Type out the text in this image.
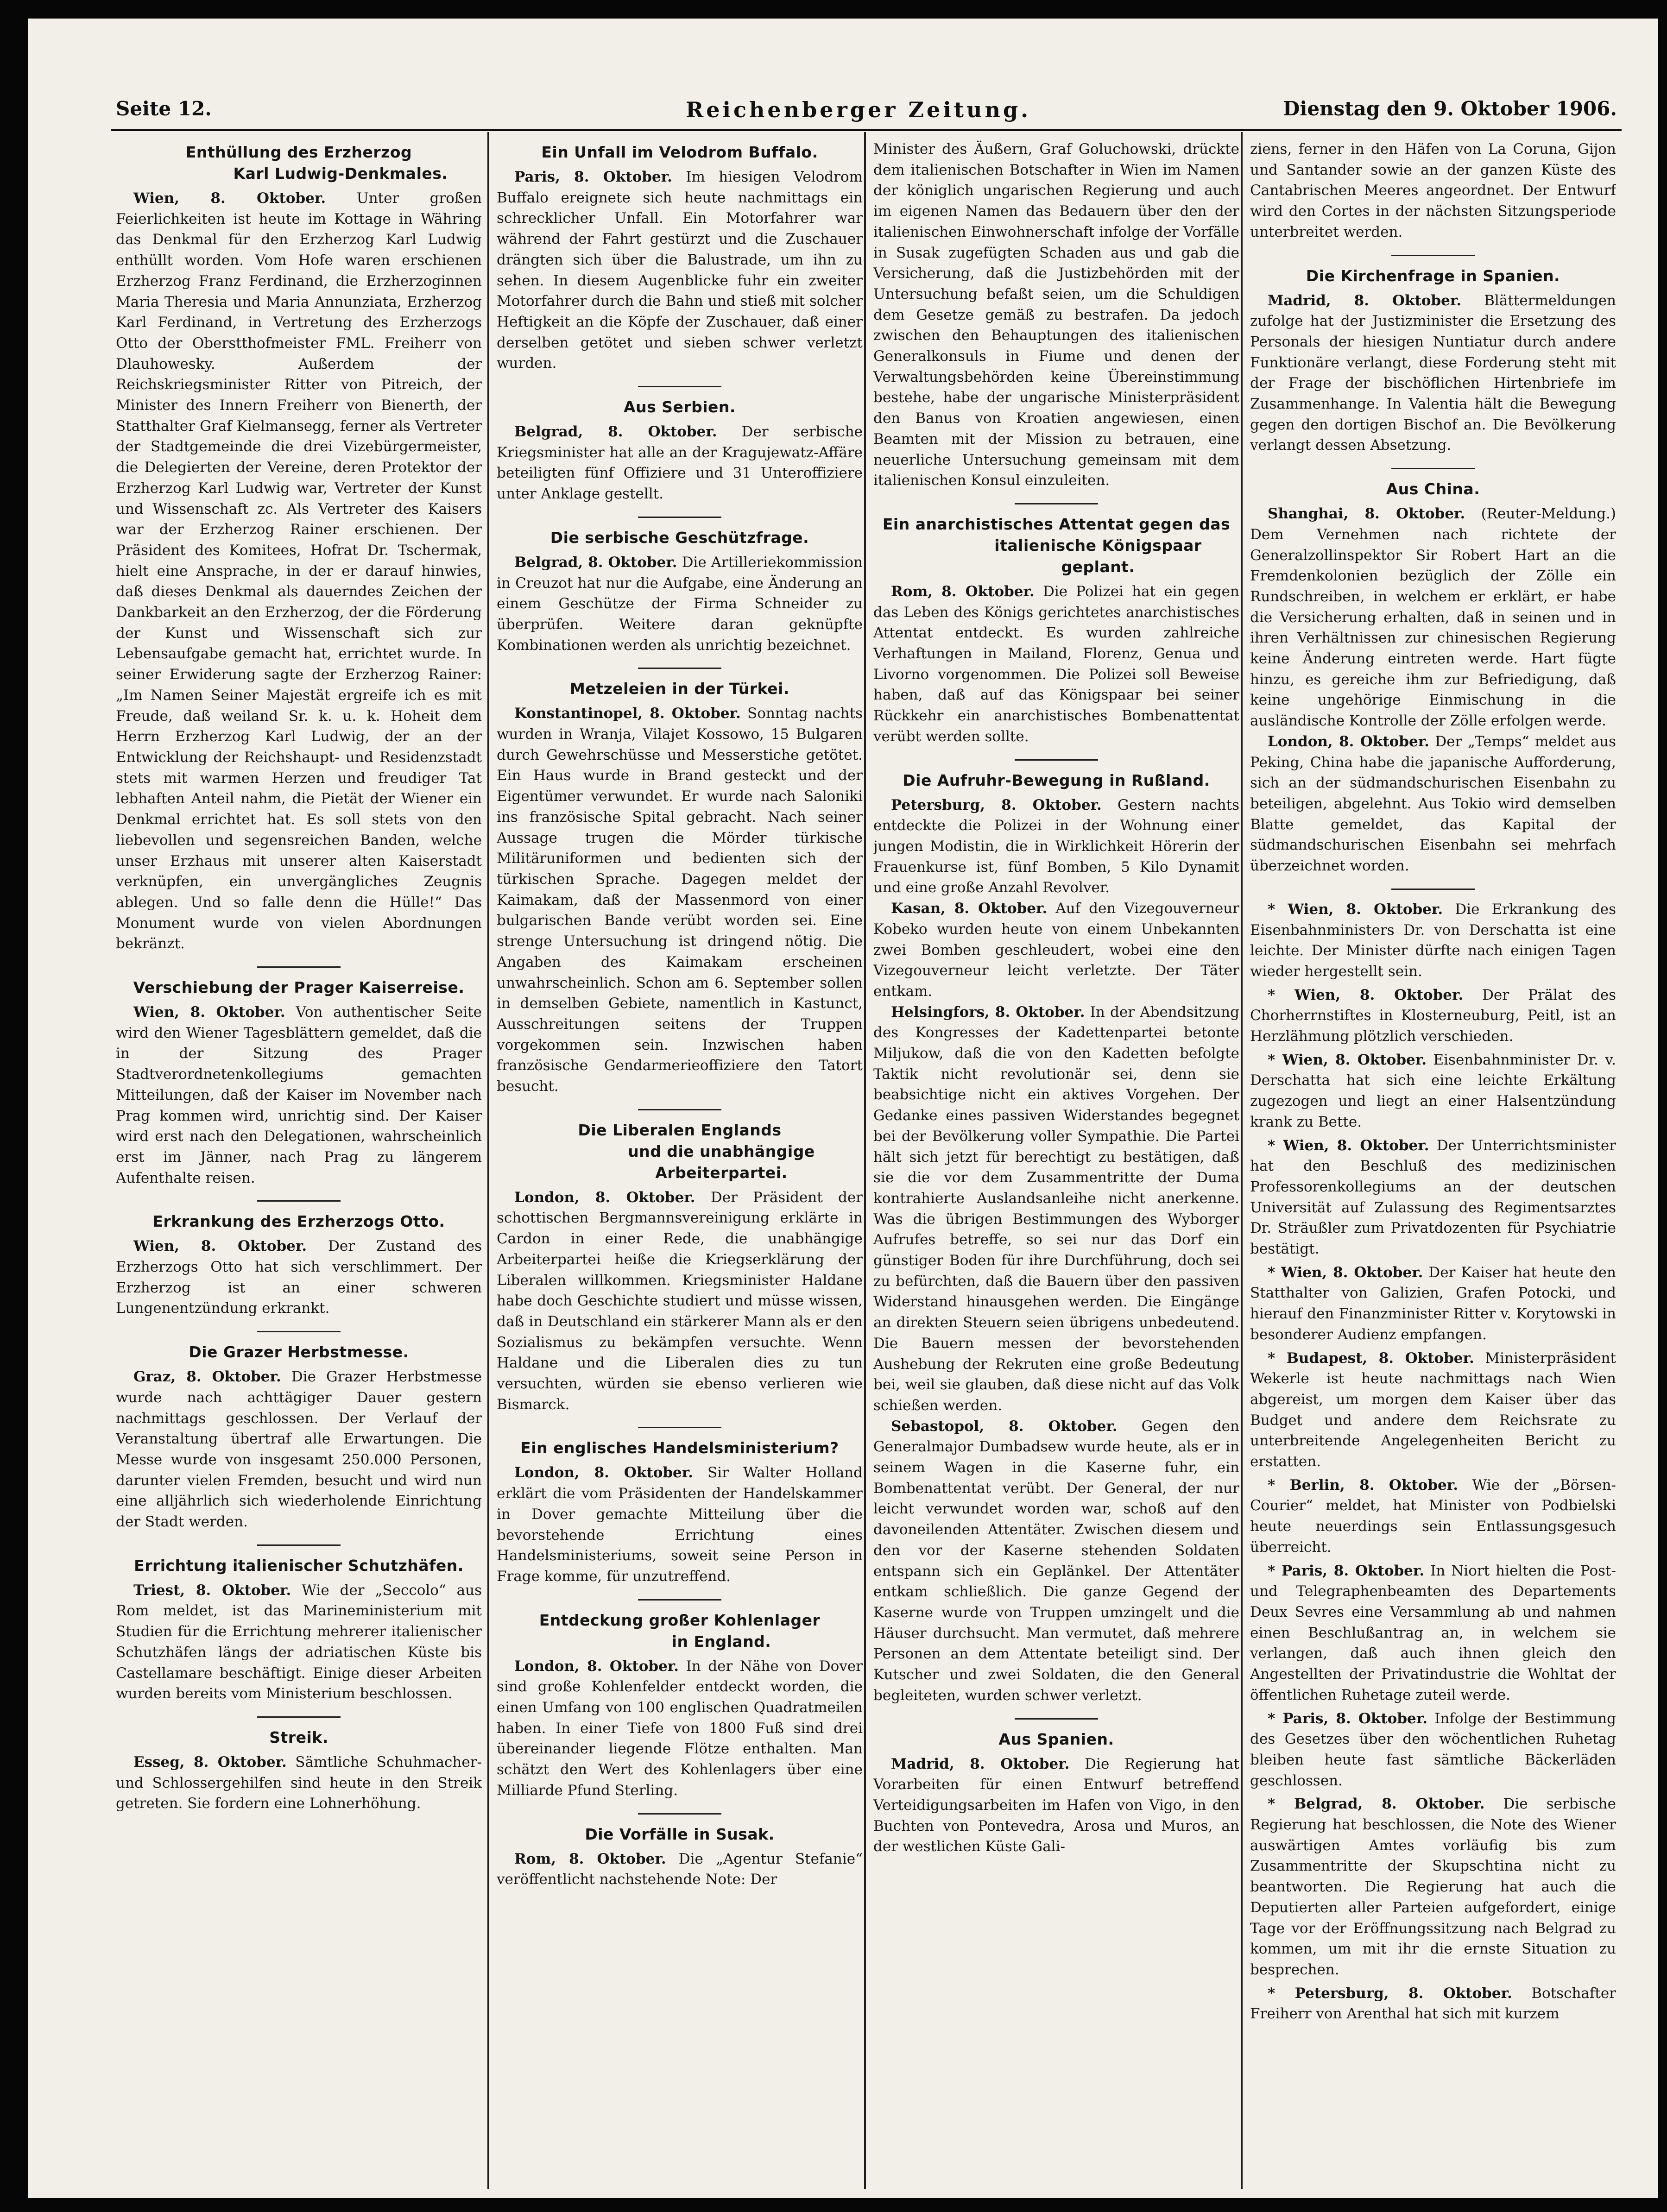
Seite 12.	Reichenberger Zeitung.	Dienstag den 9. Oktober 1906.
Enthüllung des Erzherzog
Karl Ludwig-Denkmales.

Wien, 8. Oktober. Unter großen Feierlichkeiten ist heute im Kottage in Währing das Denkmal für den Erzherzog Karl Ludwig enthüllt worden. Vom Hofe waren erschienen Erzherzog Franz Ferdinand, die Erzherzoginnen Maria Theresia und Maria Annunziata, Erzherzog Karl Ferdinand, in Vertretung des Erzherzogs Otto der Oberstthofmeister FML. Freiherr von Dlauhowesky. Außerdem der Reichskriegsminister Ritter von Pitreich, der Minister des Innern Freiherr von Bienerth, der Statthalter Graf Kielmansegg, ferner als Vertreter der Stadtgemeinde die drei Vizebürgermeister, die Delegierten der Vereine, deren Protektor der Erzherzog Karl Ludwig war, Vertreter der Kunst und Wissenschaft zc. Als Vertreter des Kaisers war der Erzherzog Rainer erschienen. Der Präsident des Komitees, Hofrat Dr. Tschermak, hielt eine Ansprache, in der er darauf hinwies, daß dieses Denkmal als dauerndes Zeichen der Dankbarkeit an den Erzherzog, der die Förderung der Kunst und Wissenschaft sich zur Lebensaufgabe gemacht hat, errichtet wurde. In seiner Erwiderung sagte der Erzherzog Rainer: „Im Namen Seiner Majestät ergreife ich es mit Freude, daß weiland Sr. k. u. k. Hoheit dem Herrn Erzherzog Karl Ludwig, der an der Entwicklung der Reichshaupt- und Residenzstadt stets mit warmen Herzen und freudiger Tat lebhaften Anteil nahm, die Pietät der Wiener ein Denkmal errichtet hat. Es soll stets von den liebevollen und segensreichen Banden, welche unser Erzhaus mit unserer alten Kaiserstadt verknüpfen, ein unvergängliches Zeugnis ablegen. Und so falle denn die Hülle!“ Das Monument wurde von vielen Abordnungen bekränzt.

Verschiebung der Prager Kaiserreise.

Wien, 8. Oktober. Von authentischer Seite wird den Wiener Tagesblättern gemeldet, daß die in der Sitzung des Prager Stadtverordnetenkollegiums gemachten Mitteilungen, daß der Kaiser im November nach Prag kommen wird, unrichtig sind. Der Kaiser wird erst nach den Delegationen, wahrscheinlich erst im Jänner, nach Prag zu längerem Aufenthalte reisen.

Erkrankung des Erzherzogs Otto.

Wien, 8. Oktober. Der Zustand des Erzherzogs Otto hat sich verschlimmert. Der Erzherzog ist an einer schweren Lungenentzündung erkrankt.

Die Grazer Herbstmesse.

Graz, 8. Oktober. Die Grazer Herbstmesse wurde nach achttägiger Dauer gestern nachmittags geschlossen. Der Verlauf der Veranstaltung übertraf alle Erwartungen. Die Messe wurde von insgesamt 250.000 Personen, darunter vielen Fremden, besucht und wird nun eine alljährlich sich wiederholende Einrichtung der Stadt werden.

Errichtung italienischer Schutzhäfen.

Triest, 8. Oktober. Wie der „Seccolo“ aus Rom meldet, ist das Marineministerium mit Studien für die Errichtung mehrerer italienischer Schutzhäfen längs der adriatischen Küste bis Castellamare beschäftigt. Einige dieser Arbeiten wurden bereits vom Ministerium beschlossen.

Streik.

Esseg, 8. Oktober. Sämtliche Schuhmacher- und Schlossergehilfen sind heute in den Streik getreten. Sie fordern eine Lohnerhöhung.

Ein Unfall im Velodrom Buffalo.

Paris, 8. Oktober. Im hiesigen Velodrom Buffalo ereignete sich heute nachmittags ein schrecklicher Unfall. Ein Motorfahrer war während der Fahrt gestürzt und die Zuschauer drängten sich über die Balustrade, um ihn zu sehen. In diesem Augenblicke fuhr ein zweiter Motorfahrer durch die Bahn und stieß mit solcher Heftigkeit an die Köpfe der Zuschauer, daß einer derselben getötet und sieben schwer verletzt wurden.

Aus Serbien.

Belgrad, 8. Oktober. Der serbische Kriegsminister hat alle an der Kragujewatz-Affäre beteiligten fünf Offiziere und 31 Unteroffiziere unter Anklage gestellt.

Die serbische Geschützfrage.

Belgrad, 8. Oktober. Die Artilleriekommission in Creuzot hat nur die Aufgabe, eine Änderung an einem Geschütze der Firma Schneider zu überprüfen. Weitere daran geknüpfte Kombinationen werden als unrichtig bezeichnet.

Metzeleien in der Türkei.

Konstantinopel, 8. Oktober. Sonntag nachts wurden in Wranja, Vilajet Kossowo, 15 Bulgaren durch Gewehrschüsse und Messerstiche getötet. Ein Haus wurde in Brand gesteckt und der Eigentümer verwundet. Er wurde nach Saloniki ins französische Spital gebracht. Nach seiner Aussage trugen die Mörder türkische Militäruniformen und bedienten sich der türkischen Sprache. Dagegen meldet der Kaimakam, daß der Massenmord von einer bulgarischen Bande verübt worden sei. Eine strenge Untersuchung ist dringend nötig. Die Angaben des Kaimakam erscheinen unwahrscheinlich. Schon am 6. September sollen in demselben Gebiete, namentlich in Kastunct, Ausschreitungen seitens der Truppen vorgekommen sein. Inzwischen haben französische Gendarmerieoffiziere den Tatort besucht.

Die Liberalen Englands
und die unabhängige Arbeiterpartei.

London, 8. Oktober. Der Präsident der schottischen Bergmannsvereinigung erklärte in Cardon in einer Rede, die unabhängige Arbeiterpartei heiße die Kriegserklärung der Liberalen willkommen. Kriegsminister Haldane habe doch Geschichte studiert und müsse wissen, daß in Deutschland ein stärkerer Mann als er den Sozialismus zu bekämpfen versuchte. Wenn Haldane und die Liberalen dies zu tun versuchten, würden sie ebenso verlieren wie Bismarck.

Ein englisches Handelsministerium?

London, 8. Oktober. Sir Walter Holland erklärt die vom Präsidenten der Handelskammer in Dover gemachte Mitteilung über die bevorstehende Errichtung eines Handelsministeriums, soweit seine Person in Frage komme, für unzutreffend.

Entdeckung großer Kohlenlager
in England.

London, 8. Oktober. In der Nähe von Dover sind große Kohlenfelder entdeckt worden, die einen Umfang von 100 englischen Quadratmeilen haben. In einer Tiefe von 1800 Fuß sind drei übereinander liegende Flötze enthalten. Man schätzt den Wert des Kohlenlagers über eine Milliarde Pfund Sterling.

Die Vorfälle in Susak.

Rom, 8. Oktober. Die „Agentur Stefanie“ veröffentlicht nachstehende Note: Der

Minister des Äußern, Graf Goluchowski, drückte dem italienischen Botschafter in Wien im Namen der königlich ungarischen Regierung und auch im eigenen Namen das Bedauern über den der italienischen Einwohnerschaft infolge der Vorfälle in Susak zugefügten Schaden aus und gab die Versicherung, daß die Justizbehörden mit der Untersuchung befaßt seien, um die Schuldigen dem Gesetze gemäß zu bestrafen. Da jedoch zwischen den Behauptungen des italienischen Generalkonsuls in Fiume und denen der Verwaltungsbehörden keine Übereinstimmung bestehe, habe der ungarische Ministerpräsident den Banus von Kroatien angewiesen, einen Beamten mit der Mission zu betrauen, eine neuerliche Untersuchung gemeinsam mit dem italienischen Konsul einzuleiten.

Ein anarchistisches Attentat gegen das
italienische Königspaar geplant.

Rom, 8. Oktober. Die Polizei hat ein gegen das Leben des Königs gerichtetes anarchistisches Attentat entdeckt. Es wurden zahlreiche Verhaftungen in Mailand, Florenz, Genua und Livorno vorgenommen. Die Polizei soll Beweise haben, daß auf das Königspaar bei seiner Rückkehr ein anarchistisches Bombenattentat verübt werden sollte.

Die Aufruhr-Bewegung in Rußland.

Petersburg, 8. Oktober. Gestern nachts entdeckte die Polizei in der Wohnung einer jungen Modistin, die in Wirklichkeit Hörerin der Frauenkurse ist, fünf Bomben, 5 Kilo Dynamit und eine große Anzahl Revolver.

Kasan, 8. Oktober. Auf den Vizegouverneur Kobeko wurden heute von einem Unbekannten zwei Bomben geschleudert, wobei eine den Vizegouverneur leicht verletzte. Der Täter entkam.

Helsingfors, 8. Oktober. In der Abendsitzung des Kongresses der Kadettenpartei betonte Miljukow, daß die von den Kadetten befolgte Taktik nicht revolutionär sei, denn sie beabsichtige nicht ein aktives Vorgehen. Der Gedanke eines passiven Widerstandes begegnet bei der Bevölkerung voller Sympathie. Die Partei hält sich jetzt für berechtigt zu bestätigen, daß sie die vor dem Zusammentritte der Duma kontrahierte Auslandsanleihe nicht anerkenne. Was die übrigen Bestimmungen des Wyborger Aufrufes betreffe, so sei nur das Dorf ein günstiger Boden für ihre Durchführung, doch sei zu befürchten, daß die Bauern über den passiven Widerstand hinausgehen werden. Die Eingänge an direkten Steuern seien übrigens unbedeutend. Die Bauern messen der bevorstehenden Aushebung der Rekruten eine große Bedeutung bei, weil sie glauben, daß diese nicht auf das Volk schießen werden.

Sebastopol, 8. Oktober. Gegen den Generalmajor Dumbadsew wurde heute, als er in seinem Wagen in die Kaserne fuhr, ein Bombenattentat verübt. Der General, der nur leicht verwundet worden war, schoß auf den davoneilenden Attentäter. Zwischen diesem und den vor der Kaserne stehenden Soldaten entspann sich ein Geplänkel. Der Attentäter entkam schließlich. Die ganze Gegend der Kaserne wurde von Truppen umzingelt und die Häuser durchsucht. Man vermutet, daß mehrere Personen an dem Attentate beteiligt sind. Der Kutscher und zwei Soldaten, die den General begleiteten, wurden schwer verletzt.

Aus Spanien.

Madrid, 8. Oktober. Die Regierung hat Vorarbeiten für einen Entwurf betreffend Verteidigungsarbeiten im Hafen von Vigo, in den Buchten von Pontevedra, Arosa und Muros, an der westlichen Küste Gali-

ziens, ferner in den Häfen von La Coruna, Gijon und Santander sowie an der ganzen Küste des Cantabrischen Meeres angeordnet. Der Entwurf wird den Cortes in der nächsten Sitzungsperiode unterbreitet werden.

Die Kirchenfrage in Spanien.

Madrid, 8. Oktober. Blättermeldungen zufolge hat der Justizminister die Ersetzung des Personals der hiesigen Nuntiatur durch andere Funktionäre verlangt, diese Forderung steht mit der Frage der bischöflichen Hirtenbriefe im Zusammenhange. In Valentia hält die Bewegung gegen den dortigen Bischof an. Die Bevölkerung verlangt dessen Absetzung.

Aus China.

Shanghai, 8. Oktober. (Reuter-Meldung.) Dem Vernehmen nach richtete der Generalzollinspektor Sir Robert Hart an die Fremdenkolonien bezüglich der Zölle ein Rundschreiben, in welchem er erklärt, er habe die Versicherung erhalten, daß in seinen und in ihren Verhältnissen zur chinesischen Regierung keine Änderung eintreten werde. Hart fügte hinzu, es gereiche ihm zur Befriedigung, daß keine ungehörige Einmischung in die ausländische Kontrolle der Zölle erfolgen werde.

London, 8. Oktober. Der „Temps“ meldet aus Peking, China habe die japanische Aufforderung, sich an der südmandschurischen Eisenbahn zu beteiligen, abgelehnt. Aus Tokio wird demselben Blatte gemeldet, das Kapital der südmandschurischen Eisenbahn sei mehrfach überzeichnet worden.

* Wien, 8. Oktober. Die Erkrankung des Eisenbahnministers Dr. von Derschatta ist eine leichte. Der Minister dürfte nach einigen Tagen wieder hergestellt sein.

* Wien, 8. Oktober. Der Prälat des Chorherrnstiftes in Klosterneuburg, Peitl, ist an Herzlähmung plötzlich verschieden.

* Wien, 8. Oktober. Eisenbahnminister Dr. v. Derschatta hat sich eine leichte Erkältung zugezogen und liegt an einer Halsentzündung krank zu Bette.

* Wien, 8. Oktober. Der Unterrichtsminister hat den Beschluß des medizinischen Professorenkollegiums an der deutschen Universität auf Zulassung des Regimentsarztes Dr. Sträußler zum Privatdozenten für Psychiatrie bestätigt.

* Wien, 8. Oktober. Der Kaiser hat heute den Statthalter von Galizien, Grafen Potocki, und hierauf den Finanzminister Ritter v. Korytowski in besonderer Audienz empfangen.

* Budapest, 8. Oktober. Ministerpräsident Wekerle ist heute nachmittags nach Wien abgereist, um morgen dem Kaiser über das Budget und andere dem Reichsrate zu unterbreitende Angelegenheiten Bericht zu erstatten.

* Berlin, 8. Oktober. Wie der „Börsen-Courier“ meldet, hat Minister von Podbielski heute neuerdings sein Entlassungsgesuch überreicht.

* Paris, 8. Oktober. In Niort hielten die Post- und Telegraphenbeamten des Departements Deux Sevres eine Versammlung ab und nahmen einen Beschlußantrag an, in welchem sie verlangen, daß auch ihnen gleich den Angestellten der Privatindustrie die Wohltat der öffentlichen Ruhetage zuteil werde.

* Paris, 8. Oktober. Infolge der Bestimmung des Gesetzes über den wöchentlichen Ruhetag bleiben heute fast sämtliche Bäckerläden geschlossen.

* Belgrad, 8. Oktober. Die serbische Regierung hat beschlossen, die Note des Wiener auswärtigen Amtes vorläufig bis zum Zusammentritte der Skupschtina nicht zu beantworten. Die Regierung hat auch die Deputierten aller Parteien aufgefordert, einige Tage vor der Eröffnungssitzung nach Belgrad zu kommen, um mit ihr die ernste Situation zu besprechen.

* Petersburg, 8. Oktober. Botschafter Freiherr von Arenthal hat sich mit kurzem
